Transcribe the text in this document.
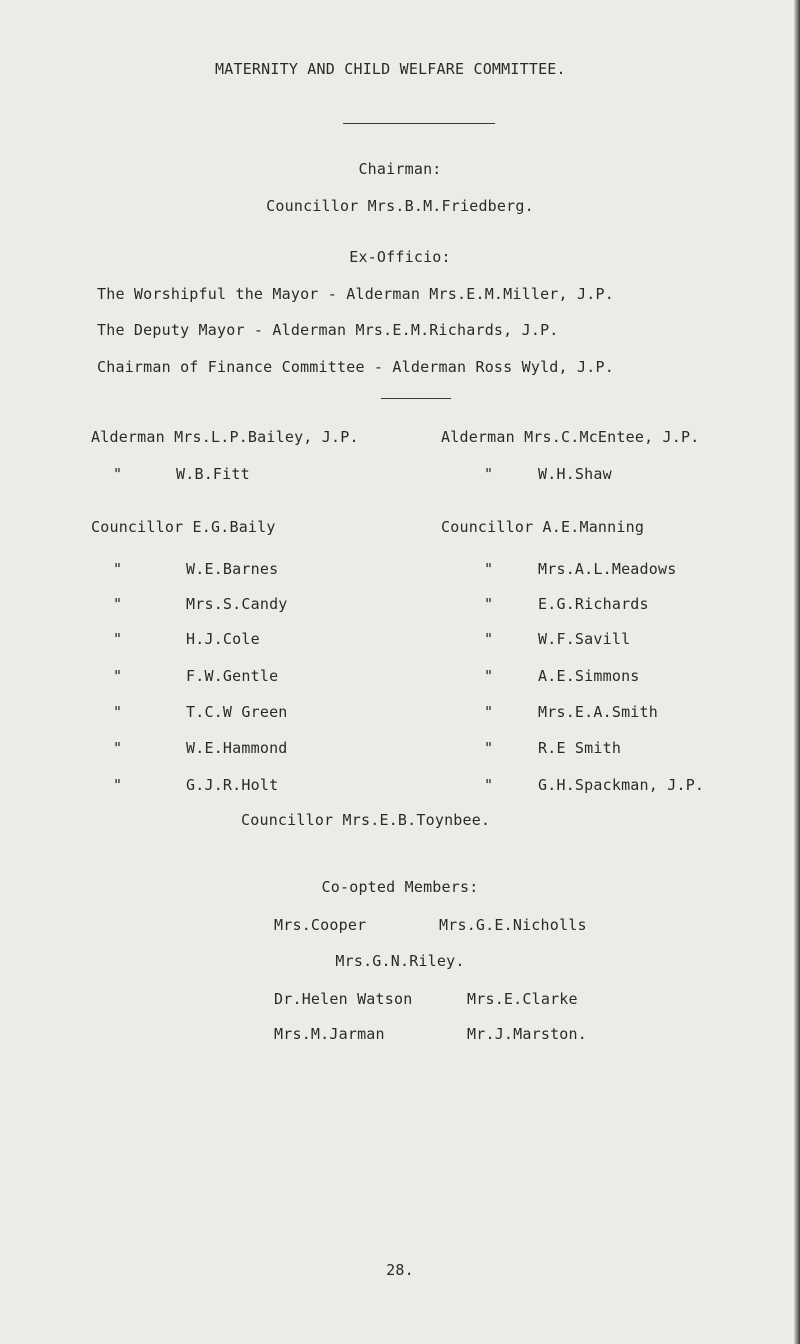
MATERNITY AND CHILD WELFARE COMMITTEE.
Chairman:
Councillor Mrs.B.M.Friedberg.
Ex-Officio:
The Worshipful the Mayor - Alderman Mrs.E.M.Miller, J.P.
The Deputy Mayor - Alderman Mrs.E.M.Richards, J.P.
Chairman of Finance Committee - Alderman Ross Wyld, J.P.
Alderman Mrs.L.P.Bailey, J.P.	Alderman Mrs.C.McEntee, J.P.
"	W.B.Fitt	"	W.H.Shaw
Councillor E.G.Baily	Councillor A.E.Manning
"	W.E.Barnes	"	Mrs.A.L.Meadows
"	Mrs.S.Candy	"	E.G.Richards
"	H.J.Cole	"	W.F.Savill
"	F.W.Gentle	"	A.E.Simmons
"	T.C.W Green	"	Mrs.E.A.Smith
"	W.E.Hammond	"	R.E Smith
"	G.J.R.Holt	"	G.H.Spackman, J.P.
Councillor Mrs.E.B.Toynbee.
Co-opted Members:
Mrs.Cooper	Mrs.G.E.Nicholls
Mrs.G.N.Riley.
Dr.Helen Watson	Mrs.E.Clarke
Mrs.M.Jarman	Mr.J.Marston.
28.
